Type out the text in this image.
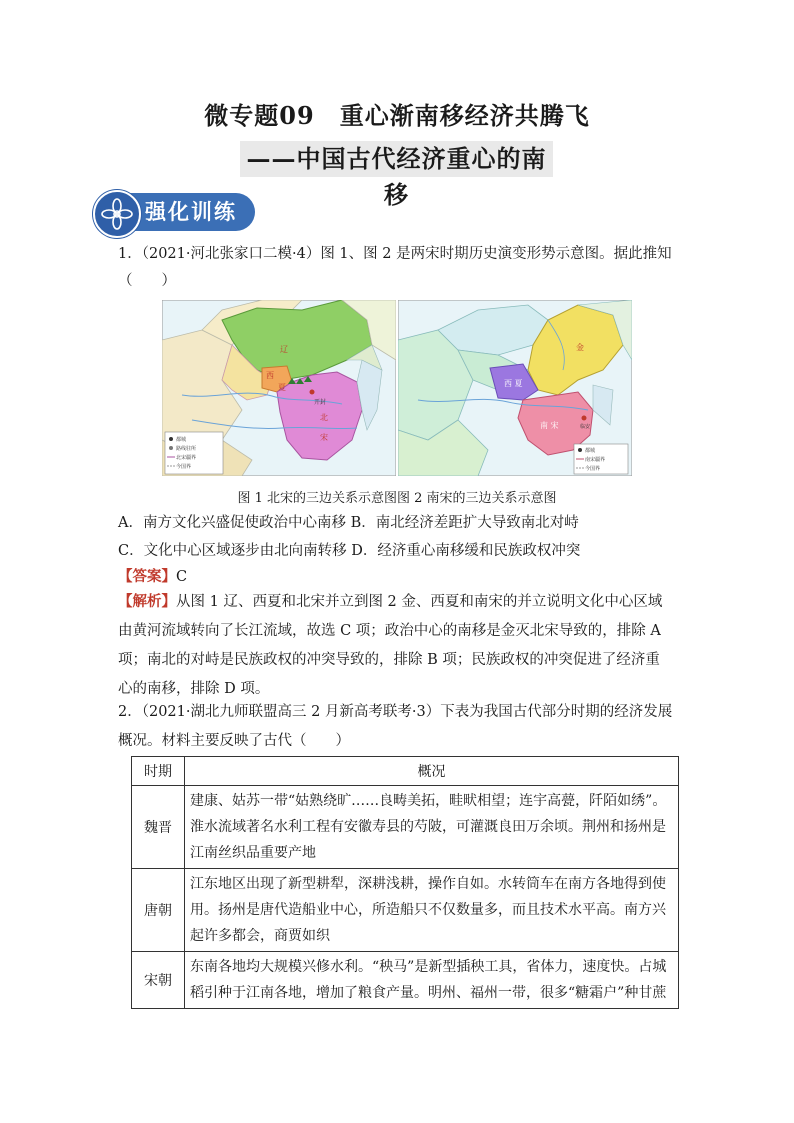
微专题09　重心渐南移经济共腾飞
——中国古代经济重心的南移
强化训练
1．（2021·河北张家口二模·4）图 1、图 2 是两宋时期历史演变形势示意图。据此推知
（　　）
辽
西
夏
开封
北
宋
都城
路线驻所
北宋疆界
今国界
金
西 夏
南 宋	临安
都城
南宋疆界
今国界
图 1 北宋的三边关系示意图图 2 南宋的三边关系示意图
A．南方文化兴盛促使政治中心南移 B．南北经济差距扩大导致南北对峙
C．文化中心区域逐步由北向南转移 D．经济重心南移缓和民族政权冲突
【答案】C
【解析】从图 1 辽、西夏和北宋并立到图 2 金、西夏和南宋的并立说明文化中心区域由黄河流域转向了长江流域，故选 C 项；政治中心的南移是金灭北宋导致的，排除 A 项；南北的对峙是民族政权的冲突导致的，排除 B 项；民族政权的冲突促进了经济重心的南移，排除 D 项。
2．（2021·湖北九师联盟高三 2 月新高考联考·3）下表为我国古代部分时期的经济发展概况。材料主要反映了古代（　　）
时期	概况
魏晋	建康、姑苏一带“姑熟绕旷……良畴美拓，畦畎相望；连宇高甍，阡陌如绣”。淮水流域著名水利工程有安徽寿县的芍陂，可灌溉良田万余顷。荆州和扬州是江南丝织品重要产地
唐朝	江东地区出现了新型耕犁，深耕浅耕，操作自如。水转筒车在南方各地得到使用。扬州是唐代造船业中心，所造船只不仅数量多，而且技术水平高。南方兴起许多都会，商贾如织
宋朝	东南各地均大规模兴修水利。“秧马”是新型插秧工具，省体力，速度快。占城稻引种于江南各地，增加了粮食产量。明州、福州一带，很多“糖霜户”种甘蔗
